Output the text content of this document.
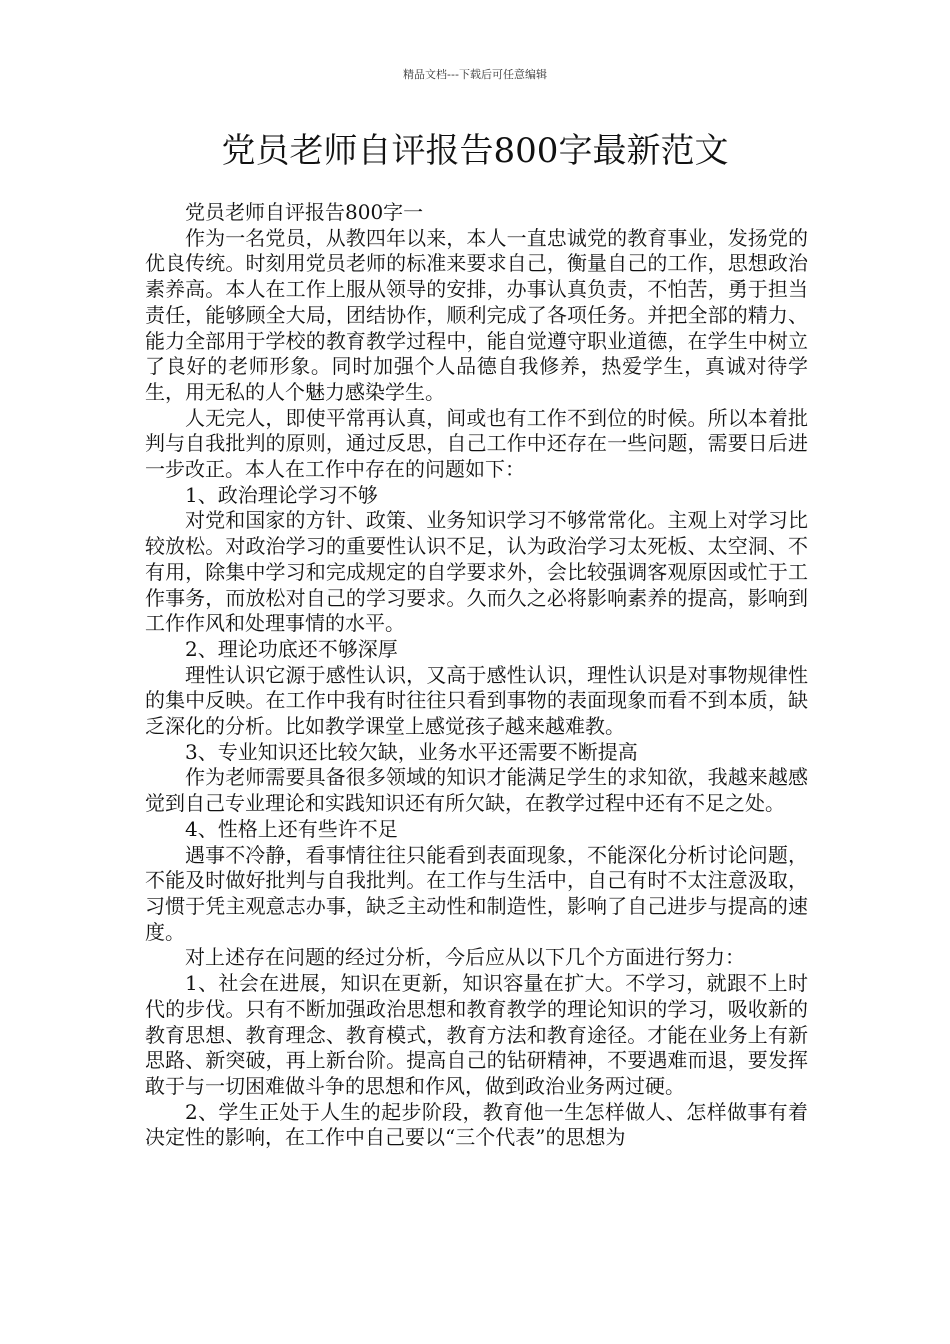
精品文档---下载后可任意编辑
党员老师自评报告800字最新范文

党员老师自评报告800字一

作为一名党员，从教四年以来，本人一直忠诚党的教育事业，发扬党的优良传统。时刻用党员老师的标准来要求自己，衡量自己的工作，思想政治素养高。本人在工作上服从领导的安排，办事认真负责，不怕苦，勇于担当责任，能够顾全大局，团结协作，顺利完成了各项任务。并把全部的精力、能力全部用于学校的教育教学过程中，能自觉遵守职业道德，在学生中树立了良好的老师形象。同时加强个人品德自我修养，热爱学生，真诚对待学生，用无私的人个魅力感染学生。

人无完人，即使平常再认真，间或也有工作不到位的时候。所以本着批判与自我批判的原则，通过反思，自己工作中还存在一些问题，需要日后进一步改正。本人在工作中存在的问题如下：

1、政治理论学习不够

对党和国家的方针、政策、业务知识学习不够常常化。主观上对学习比较放松。对政治学习的重要性认识不足，认为政治学习太死板、太空洞、不有用，除集中学习和完成规定的自学要求外，会比较强调客观原因或忙于工作事务，而放松对自己的学习要求。久而久之必将影响素养的提高，影响到工作作风和处理事情的水平。

2、理论功底还不够深厚

理性认识它源于感性认识，又高于感性认识，理性认识是对事物规律性的集中反映。在工作中我有时往往只看到事物的表面现象而看不到本质，缺乏深化的分析。比如教学课堂上感觉孩子越来越难教。

3、专业知识还比较欠缺，业务水平还需要不断提高

作为老师需要具备很多领域的知识才能满足学生的求知欲，我越来越感觉到自己专业理论和实践知识还有所欠缺，在教学过程中还有不足之处。

4、性格上还有些许不足

遇事不冷静，看事情往往只能看到表面现象，不能深化分析讨论问题，不能及时做好批判与自我批判。在工作与生活中，自己有时不太注意汲取，习惯于凭主观意志办事，缺乏主动性和制造性，影响了自己进步与提高的速度。

对上述存在问题的经过分析，今后应从以下几个方面进行努力：

1、社会在进展，知识在更新，知识容量在扩大。不学习，就跟不上时代的步伐。只有不断加强政治思想和教育教学的理论知识的学习，吸收新的教育思想、教育理念、教育模式，教育方法和教育途径。才能在业务上有新思路、新突破，再上新台阶。提高自己的钻研精神，不要遇难而退，要发挥敢于与一切困难做斗争的思想和作风，做到政治业务两过硬。

2、学生正处于人生的起步阶段，教育他一生怎样做人、怎样做事有着决定性的影响，在工作中自己要以“三个代表”的思想为
